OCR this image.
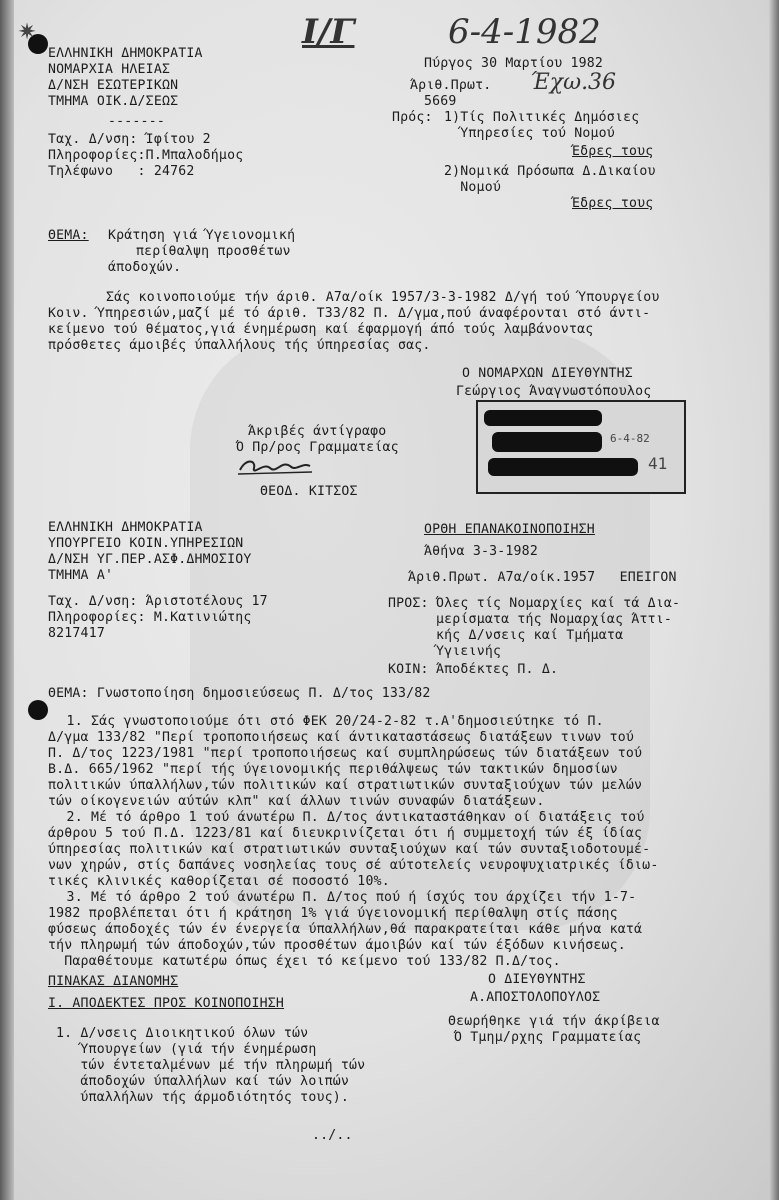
✷	Ι/Γ	6-4-1982
ΕΛΛΗΝΙΚΗ ΔΗΜΟΚΡΑΤΙΑ
ΝΟΜΑΡΧΙΑ ΗΛΕΙΑΣ
Δ/ΝΣΗ ΕΣΩΤΕΡΙΚΩΝ
ΤΜΗΜΑ ΟΙΚ.Δ/ΣΕΩΣ
-------
Ταχ. Δ/νση: Ίφίτου 2
Πληροφορίες:Π.Μπαλοδήμος
Τηλέφωνο   : 24762
Πύργος 30 Μαρτίου 1982
Άριθ.Πρωτ. Έχω.36
5669
Πρός: 1)Τίς Πολιτικές Δημόσιες
Ύπηρεσίες τού Νομού
Έδρες τους
2)Νομικά Πρόσωπα Δ.Δικαίου
Νομού
Έδρες τους
ΘΕΜΑ: Κράτηση γιά Ύγειονομική
περίθαλψη προσθέτων
άποδοχών.
Σάς κοινοποιούμε τήν άριθ. Α7α/οίκ 1957/3-3-1982 Δ/γή τού Ύπουργείου
Κοιν. Ύπηρεσιών,μαζί μέ τό άριθ. Τ33/82 Π. Δ/γμα,πού άναφέρονται στό άντι-
κείμενο τού θέματος,γιά ένημέρωση καί έφαρμογή άπό τούς λαμβάνοντας
πρόσθετες άμοιβές ύπαλλήλους τής ύπηρεσίας σας.
Ο ΝΟΜΑΡΧΩΝ ΔΙΕΥΘΥΝΤΗΣ
Γεώργιος Άναγνωστόπουλος
Άκριβές άντίγραφο
Ό Πρ/ρος Γραμματείας
ΘΕΟΔ. ΚΙΤΣΟΣ
6-4-82
41
ΕΛΛΗΝΙΚΗ ΔΗΜΟΚΡΑΤΙΑ
ΥΠΟΥΡΓΕΙΟ ΚΟΙΝ.ΥΠΗΡΕΣΙΩΝ
Δ/ΝΣΗ ΥΓ.ΠΕΡ.ΑΣΦ.ΔΗΜΟΣΙΟΥ
ΤΜΗΜΑ Α'
ΟΡΘΗ ΕΠΑΝΑΚΟΙΝΟΠΟΙΗΣΗ
Άθήνα 3-3-1982
Άριθ.Πρωτ. Α7α/οίκ.1957   ΕΠΕΙΓΟΝ
Ταχ. Δ/νση: Άριστοτέλους 17
Πληροφορίες: Μ.Κατινιώτης
8217417
ΠΡΟΣ: Όλες τίς Νομαρχίες καί τά Δια-
μερίσματα τής Νομαρχίας Άττι-
κής Δ/νσεις καί Τμήματα
Ύγιεινής
ΚΟΙΝ: Άποδέκτες Π. Δ.
ΘΕΜΑ: Γνωστοποίηση δημοσιεύσεως Π. Δ/τος 133/82
1. Σάς γνωστοποιούμε ότι στό ΦΕΚ 20/24-2-82 τ.Α'δημοσιεύτηκε τό Π.
Δ/γμα 133/82 "Περί τροποποιήσεως καί άντικαταστάσεως διατάξεων τινων τού
Π. Δ/τος 1223/1981 "περί τροποποιήσεως καί συμπληρώσεως τών διατάξεων τού
Β.Δ. 665/1962 "περί τής ύγειονομικής περιθάλψεως τών τακτικών δημοσίων
πολιτικών ύπαλλήλων,τών πολιτικών καί στρατιωτικών συνταξιούχων τών μελών
τών οίκογενειών αύτών κλπ" καί άλλων τινών συναφών διατάξεων.
2. Μέ τό άρθρο 1 τού άνωτέρω Π. Δ/τος άντικαταστάθηκαν οί διατάξεις τού
άρθρου 5 τού Π.Δ. 1223/81 καί διευκρινίζεται ότι ή συμμετοχή τών έξ ίδίας
ύπηρεσίας πολιτικών καί στρατιωτικών συνταξιούχων καί τών συνταξιοδοτουμέ-
νων χηρών, στίς δαπάνες νοσηλείας τους σέ αύτοτελείς νευροψυχιατρικές ίδιω-
τικές κλινικές καθορίζεται σέ ποσοστό 10%.
3. Μέ τό άρθρο 2 τού άνωτέρω Π. Δ/τος πού ή ίσχύς του άρχίζει τήν 1-7-
1982 προβλέπεται ότι ή κράτηση 1% γιά ύγειονομική περίθαλψη στίς πάσης
φύσεως άποδοχές τών έν ένεργεία ύπαλλήλων,θά παρακρατείται κάθε μήνα κατά
τήν πληρωμή τών άποδοχών,τών προσθέτων άμοιβών καί τών έξόδων κινήσεως.
Παραθέτουμε κατωτέρω όπως έχει τό κείμενο τού 133/82 Π.Δ/τος.
ΠΙΝΑΚΑΣ ΔΙΑΝΟΜΗΣ
Ι. ΑΠΟΔΕΚΤΕΣ ΠΡΟΣ ΚΟΙΝΟΠΟΙΗΣΗ
Ο ΔΙΕΥΘΥΝΤΗΣ
Α.ΑΠΟΣΤΟΛΟΠΟΥΛΟΣ
Θεωρήθηκε γιά τήν άκρίβεια
Ό Τμημ/ρχης Γραμματείας
1. Δ/νσεις Διοικητικού όλων τών
Ύπουργείων (γιά τήν ένημέρωση
τών έντεταλμένων μέ τήν πληρωμή τών
άποδοχών ύπαλλήλων καί τών λοιπών
ύπαλλήλων τής άρμοδιότητός τους).
../..
